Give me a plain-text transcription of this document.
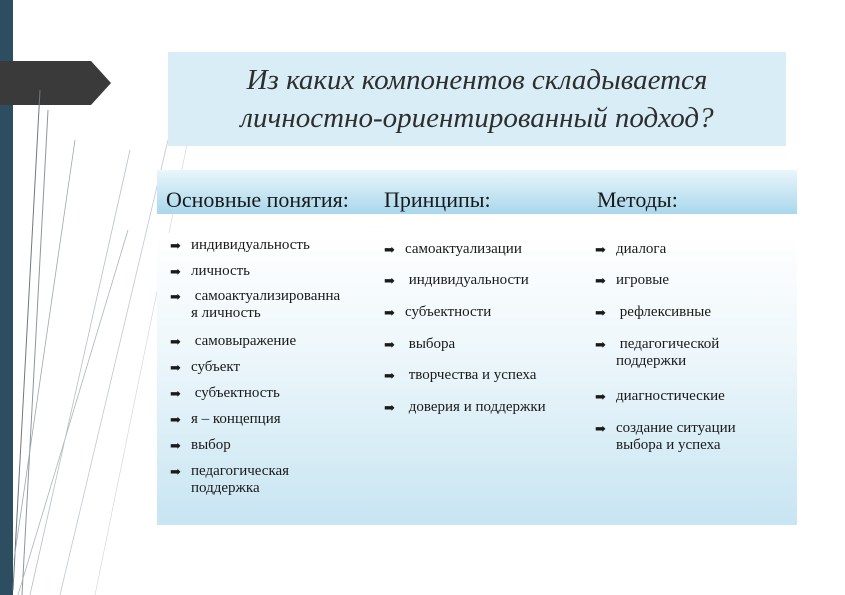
Из каких компонентов складывается
личностно-ориентированный подход?
Основные понятия: Принципы:	Методы:
➡
индивидуальность
➡
личность
➡
самоактуализированна
я личность
➡
самовыражение
➡
субъект
➡
субъектность
➡
я – концепция
➡
выбор
➡
педагогическая
поддержка
➡
самоактуализации
➡
индивидуальности
➡
субъектности
➡
выбора
➡
творчества и успеха
➡
доверия и поддержки
➡
диалога
➡
игровые
➡
рефлексивные
➡
педагогической
поддержки
➡
диагностические
➡
создание ситуации
выбора и успеха
